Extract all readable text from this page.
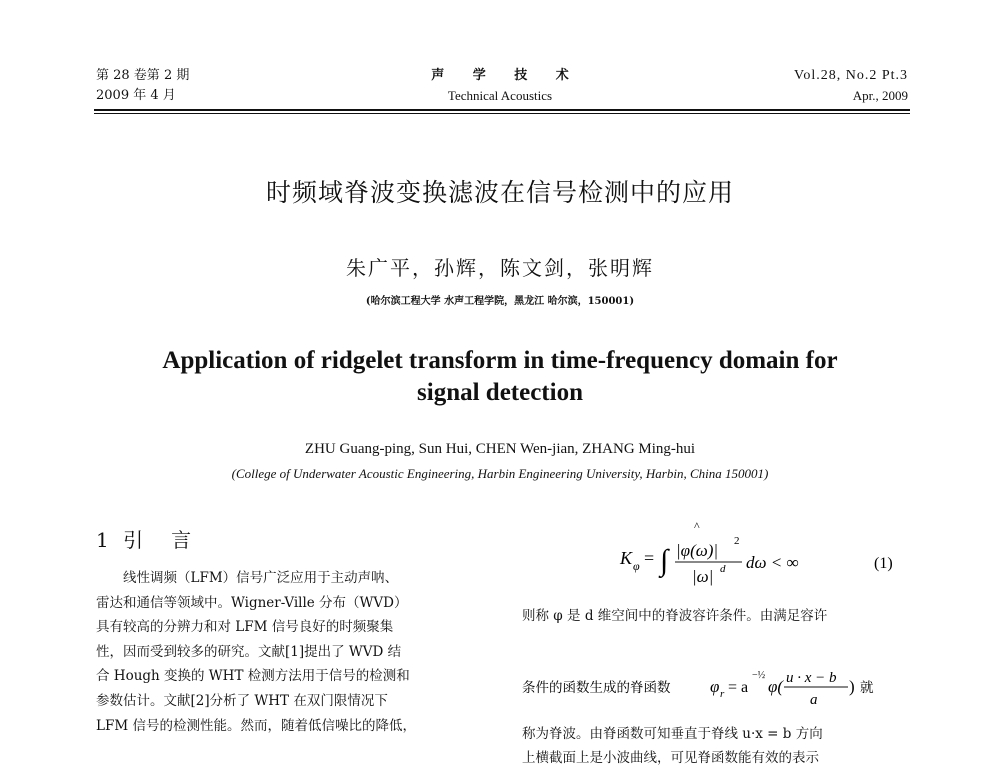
第 28 卷第 2 期
2009 年 4 月
声 学 技 术
Technical Acoustics
Vol.28, No.2 Pt.3
Apr., 2009
时频域脊波变换滤波在信号检测中的应用
朱广平，孙辉，陈文剑，张明辉
(哈尔滨工程大学 水声工程学院，黑龙江 哈尔滨，150001)
Application of ridgelet transform in time-frequency domain for
signal detection
ZHU Guang-ping, Sun Hui, CHEN Wen-jian, ZHANG Ming-hui
(College of Underwater Acoustic Engineering, Harbin Engineering University, Harbin, China 150001)
1 引　言

　　线性调频（LFM）信号广泛应用于主动声呐、

雷达和通信等领域中。Wigner-Ville 分布（WVD）

具有较高的分辨力和对 LFM 信号良好的时频聚集

性，因而受到较多的研究。文献[1]提出了 WVD 结

合 Hough 变换的 WHT 检测方法用于信号的检测和

参数估计。文献[2]分析了 WHT 在双门限情况下

LFM 信号的检测性能。然而，随着低信噪比的降低，

K φ = ∫
^
|φ(ω)| 2
|ω| d dω < ∞	(1)
则称 φ 是 d 维空间中的脊波容许条件。由满足容许
条件的函数生成的脊函数 φ r = a
−½
φ( u · x − b
a
) 就
称为脊波。由脊函数可知垂直于脊线 u·x = b 方向
上横截面上是小波曲线，可见脊函数能有效的表示
